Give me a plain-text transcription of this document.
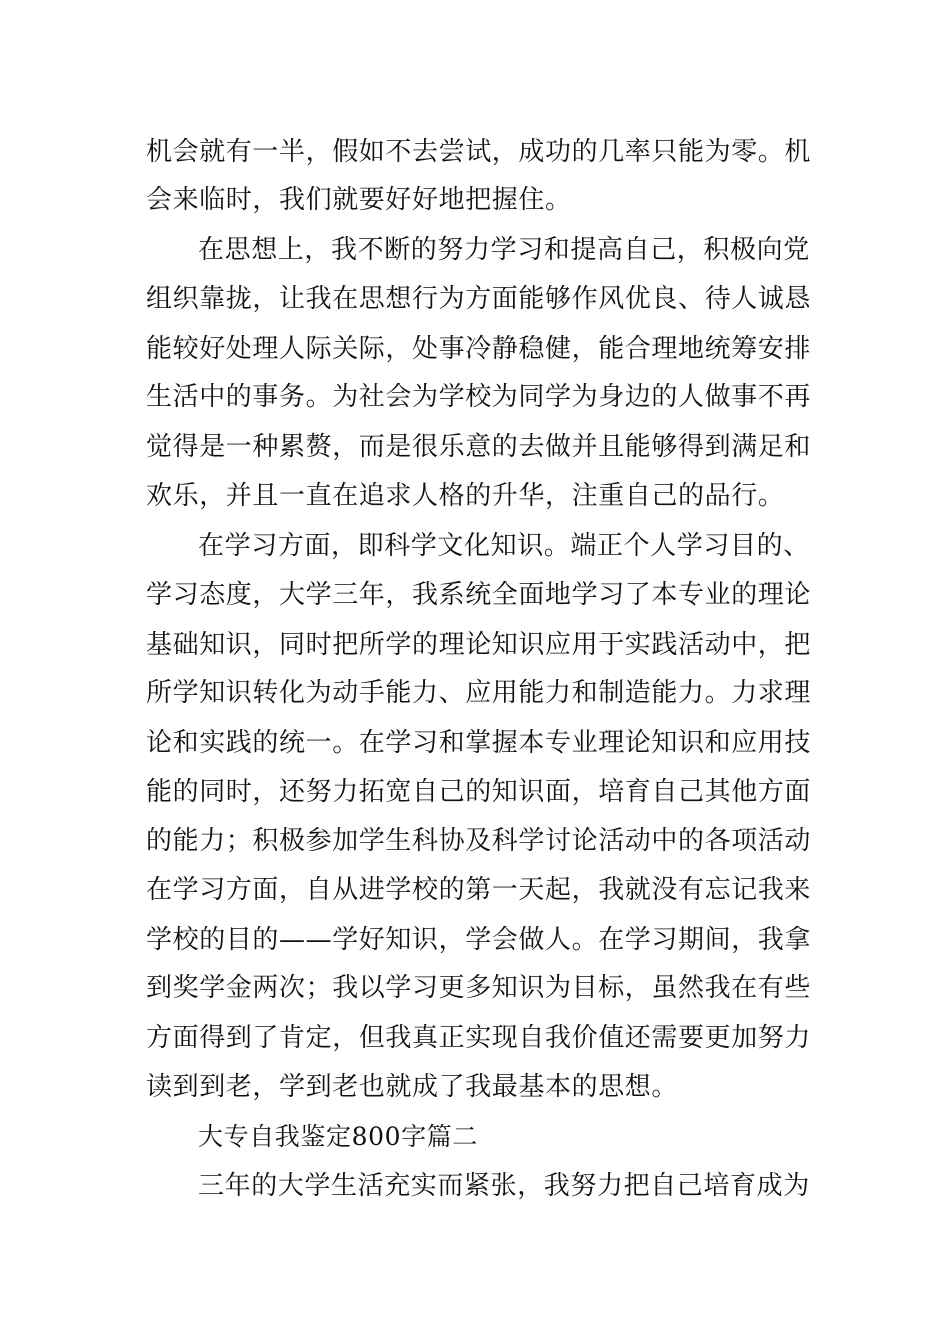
机会就有一半，假如不去尝试，成功的几率只能为零。机
会来临时，我们就要好好地把握住。
在思想上，我不断的努力学习和提高自己，积极向党
组织靠拢，让我在思想行为方面能够作风优良、待人诚恳
能较好处理人际关际，处事冷静稳健，能合理地统筹安排
生活中的事务。为社会为学校为同学为身边的人做事不再
觉得是一种累赘，而是很乐意的去做并且能够得到满足和
欢乐，并且一直在追求人格的升华，注重自己的品行。
在学习方面，即科学文化知识。端正个人学习目的、
学习态度，大学三年，我系统全面地学习了本专业的理论
基础知识，同时把所学的理论知识应用于实践活动中，把
所学知识转化为动手能力、应用能力和制造能力。力求理
论和实践的统一。在学习和掌握本专业理论知识和应用技
能的同时，还努力拓宽自己的知识面，培育自己其他方面
的能力；积极参加学生科协及科学讨论活动中的各项活动
在学习方面，自从进学校的第一天起，我就没有忘记我来
学校的目的——学好知识，学会做人。在学习期间，我拿
到奖学金两次；我以学习更多知识为目标，虽然我在有些
方面得到了肯定，但我真正实现自我价值还需要更加努力
读到到老，学到老也就成了我最基本的思想。
大专自我鉴定800字篇二
三年的大学生活充实而紧张，我努力把自己培育成为
